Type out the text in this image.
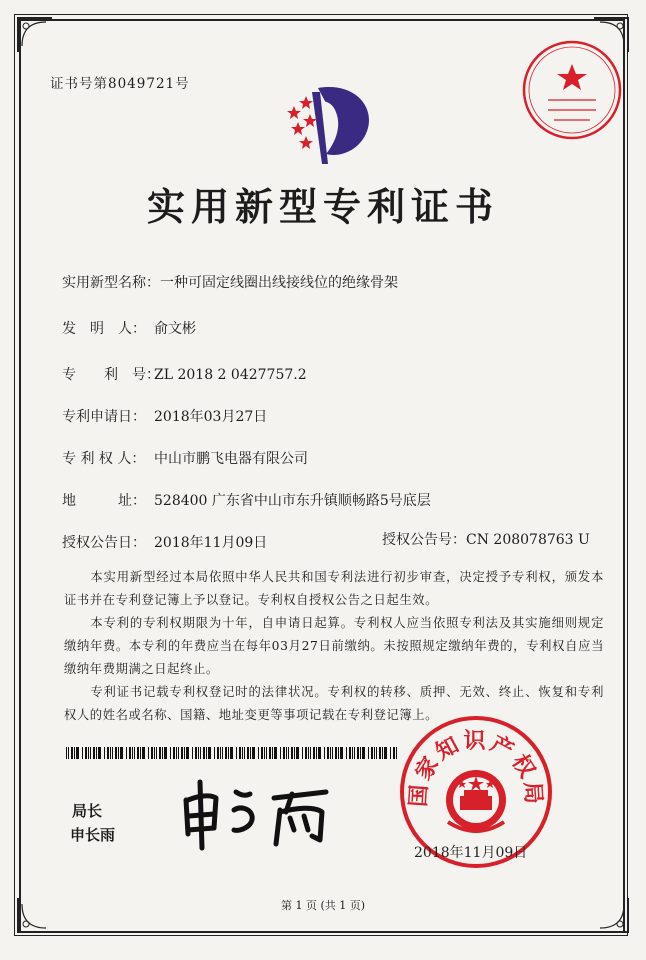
证书号第8049721号
实用新型专利证书
实用新型名称：一种可固定线圈出线接线位的绝缘骨架
发　明　人： 俞文彬
专　　利　号：ZL 2018 2 0427757.2
专利申请日： 2018年03月27日
专 利 权 人： 中山市鹏飞电器有限公司
地　　　址： 528400 广东省中山市东升镇顺畅路5号底层
授权公告日： 2018年11月09日	授权公告号：CN 208078763 U
　　本实用新型经过本局依照中华人民共和国专利法进行初步审查，决定授予专利权，颁发本证书并在专利登记簿上予以登记。专利权自授权公告之日起生效。
　　本专利的专利权期限为十年，自申请日起算。专利权人应当依照专利法及其实施细则规定缴纳年费。本专利的年费应当在每年03月27日前缴纳。未按照规定缴纳年费的，专利权自应当缴纳年费期满之日起终止。
　　专利证书记载专利权登记时的法律状况。专利权的转移、质押、无效、终止、恢复和专利权人的姓名或名称、国籍、地址变更等事项记载在专利登记簿上。
局长
申长雨
国家知识产权局
2018年11月09日
第 1 页 (共 1 页)
